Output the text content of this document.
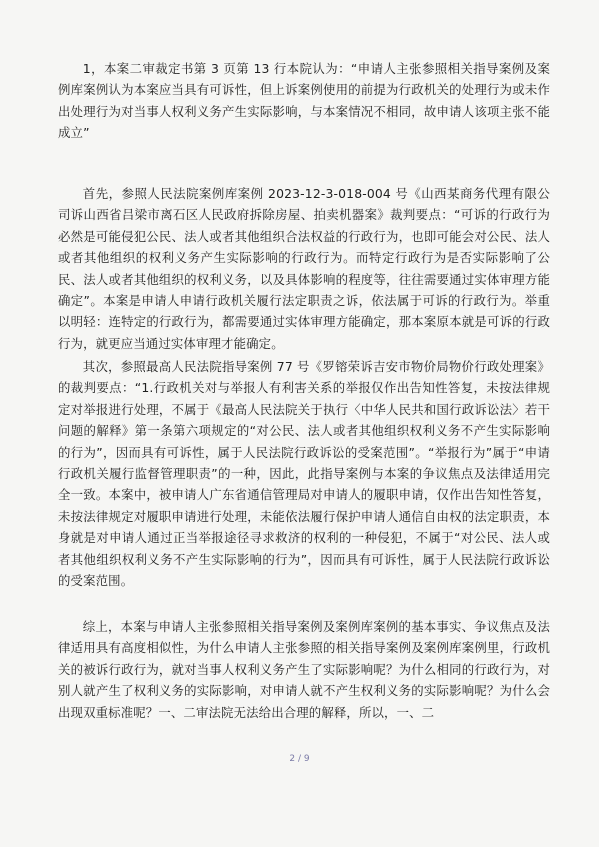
1，本案二审裁定书第 3 页第 13 行本院认为：“申请人主张参照相关指导案例及案例库案例认为本案应当具有可诉性，但上诉案例使用的前提为行政机关的处理行为或未作出处理行为对当事人权利义务产生实际影响，与本案情况不相同，故申请人该项主张不能成立”
首先，参照人民法院案例库案例 2023-12-3-018-004 号《山西某商务代理有限公司诉山西省吕梁市离石区人民政府拆除房屋、拍卖机器案》裁判要点：“可诉的行政行为必然是可能侵犯公民、法人或者其他组织合法权益的行政行为，也即可能会对公民、法人或者其他组织的权利义务产生实际影响的行政行为。而特定行政行为是否实际影响了公民、法人或者其他组织的权利义务，以及具体影响的程度等，往往需要通过实体审理方能确定”。本案是申请人申请行政机关履行法定职责之诉，依法属于可诉的行政行为。举重以明轻：连特定的行政行为，都需要通过实体审理方能确定，那本案原本就是可诉的行政行为，就更应当通过实体审理才能确定。
其次，参照最高人民法院指导案例 77 号《罗镕荣诉吉安市物价局物价行政处理案》的裁判要点：“1.行政机关对与举报人有利害关系的举报仅作出告知性答复，未按法律规定对举报进行处理，不属于《最高人民法院关于执行〈中华人民共和国行政诉讼法〉若干问题的解释》第一条第六项规定的“对公民、法人或者其他组织权利义务不产生实际影响的行为”，因而具有可诉性，属于人民法院行政诉讼的受案范围”。“举报行为”属于“申请行政机关履行监督管理职责”的一种，因此，此指导案例与本案的争议焦点及法律适用完全一致。本案中，被申请人广东省通信管理局对申请人的履职申请，仅作出告知性答复，未按法律规定对履职申请进行处理，未能依法履行保护申请人通信自由权的法定职责，本身就是对申请人通过正当举报途径寻求救济的权利的一种侵犯，不属于“对公民、法人或者其他组织权利义务不产生实际影响的行为”，因而具有可诉性，属于人民法院行政诉讼的受案范围。
综上，本案与申请人主张参照相关指导案例及案例库案例的基本事实、争议焦点及法律适用具有高度相似性，为什么申请人主张参照的相关指导案例及案例库案例里，行政机关的被诉行政行为，就对当事人权利义务产生了实际影响呢？为什么相同的行政行为，对别人就产生了权利义务的实际影响，对申请人就不产生权利义务的实际影响呢？为什么会出现双重标准呢？一、二审法院无法给出合理的解释，所以，一、二
2 / 9
